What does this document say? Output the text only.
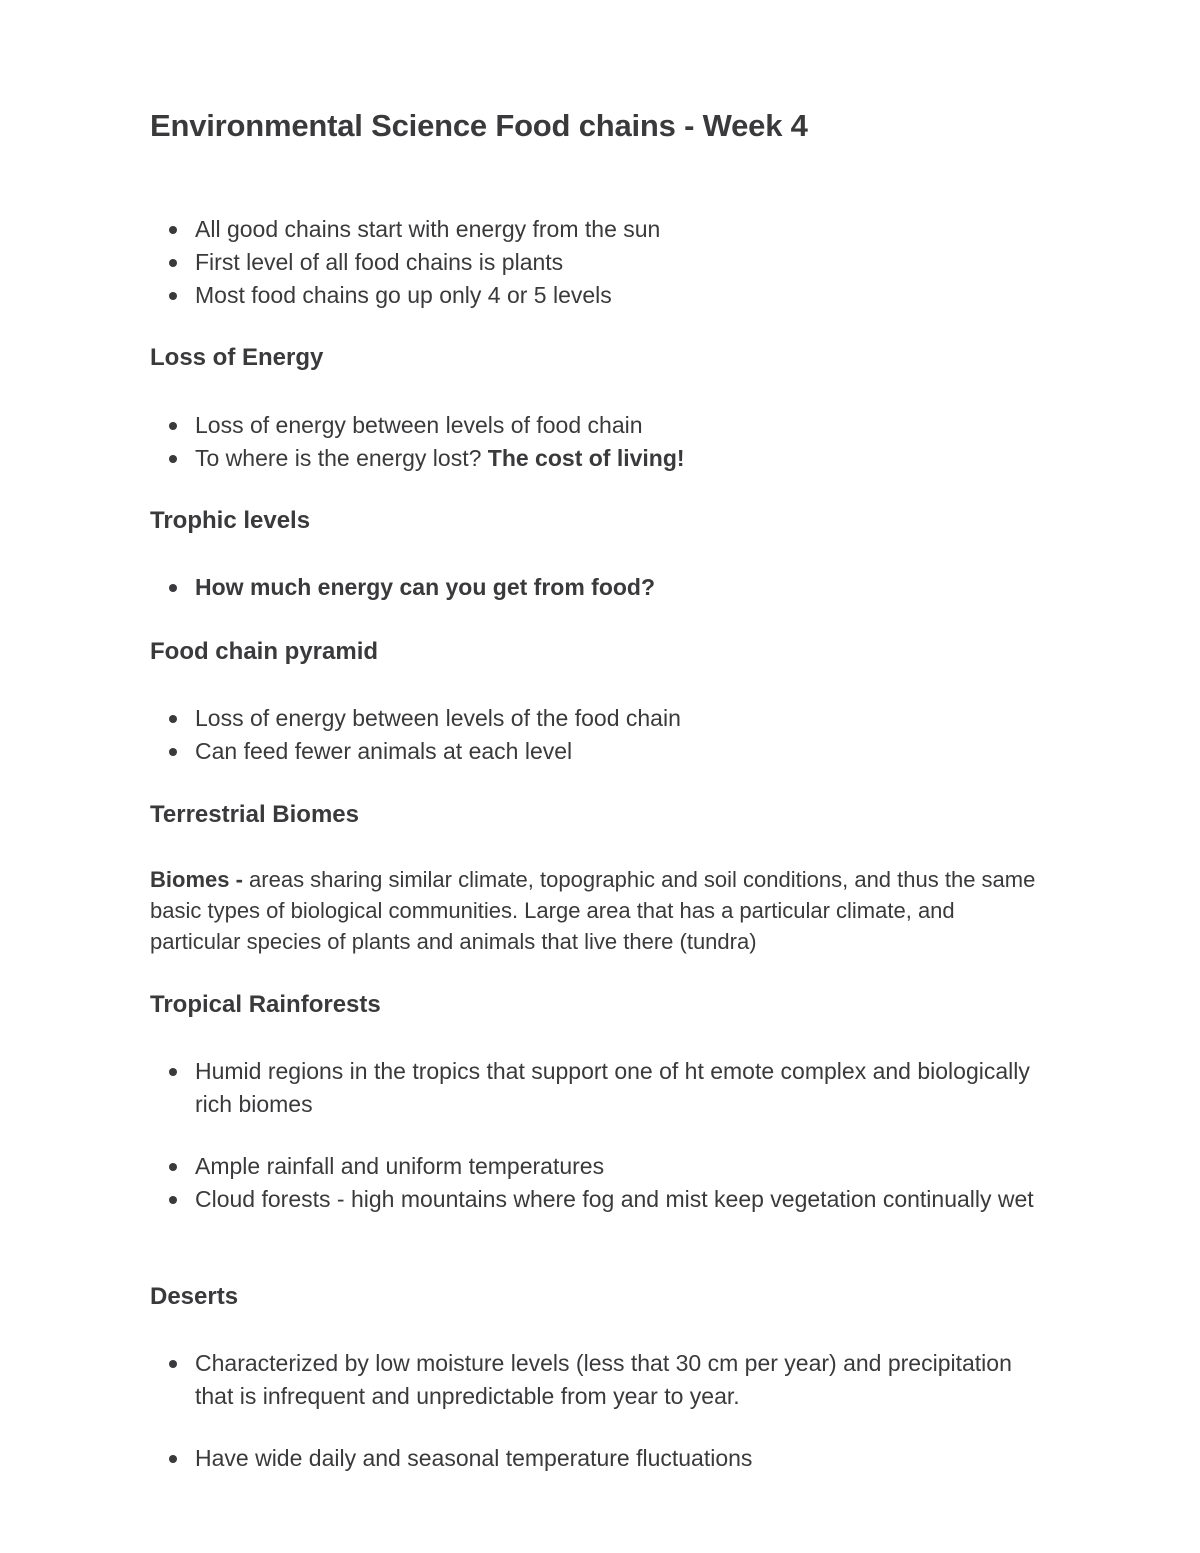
Environmental Science Food chains - Week 4
All good chains start with energy from the sun
First level of all food chains is plants
Most food chains go up only 4 or 5 levels
Loss of Energy
Loss of energy between levels of food chain
To where is the energy lost? The cost of living!
Trophic levels
How much energy can you get from food?
Food chain pyramid
Loss of energy between levels of the food chain
Can feed fewer animals at each level
Terrestrial Biomes

Biomes - areas sharing similar climate, topographic and soil conditions, and thus the same basic types of biological communities. Large area that has a particular climate, and particular species of plants and animals that live there (tundra)

Tropical Rainforests
Humid regions in the tropics that support one of ht emote complex and biologically rich biomes
Ample rainfall and uniform temperatures
Cloud forests - high mountains where fog and mist keep vegetation continually wet
Deserts
Characterized by low moisture levels (less that 30 cm per year) and precipitation that is infrequent and unpredictable from year to year.
Have wide daily and seasonal temperature fluctuations
